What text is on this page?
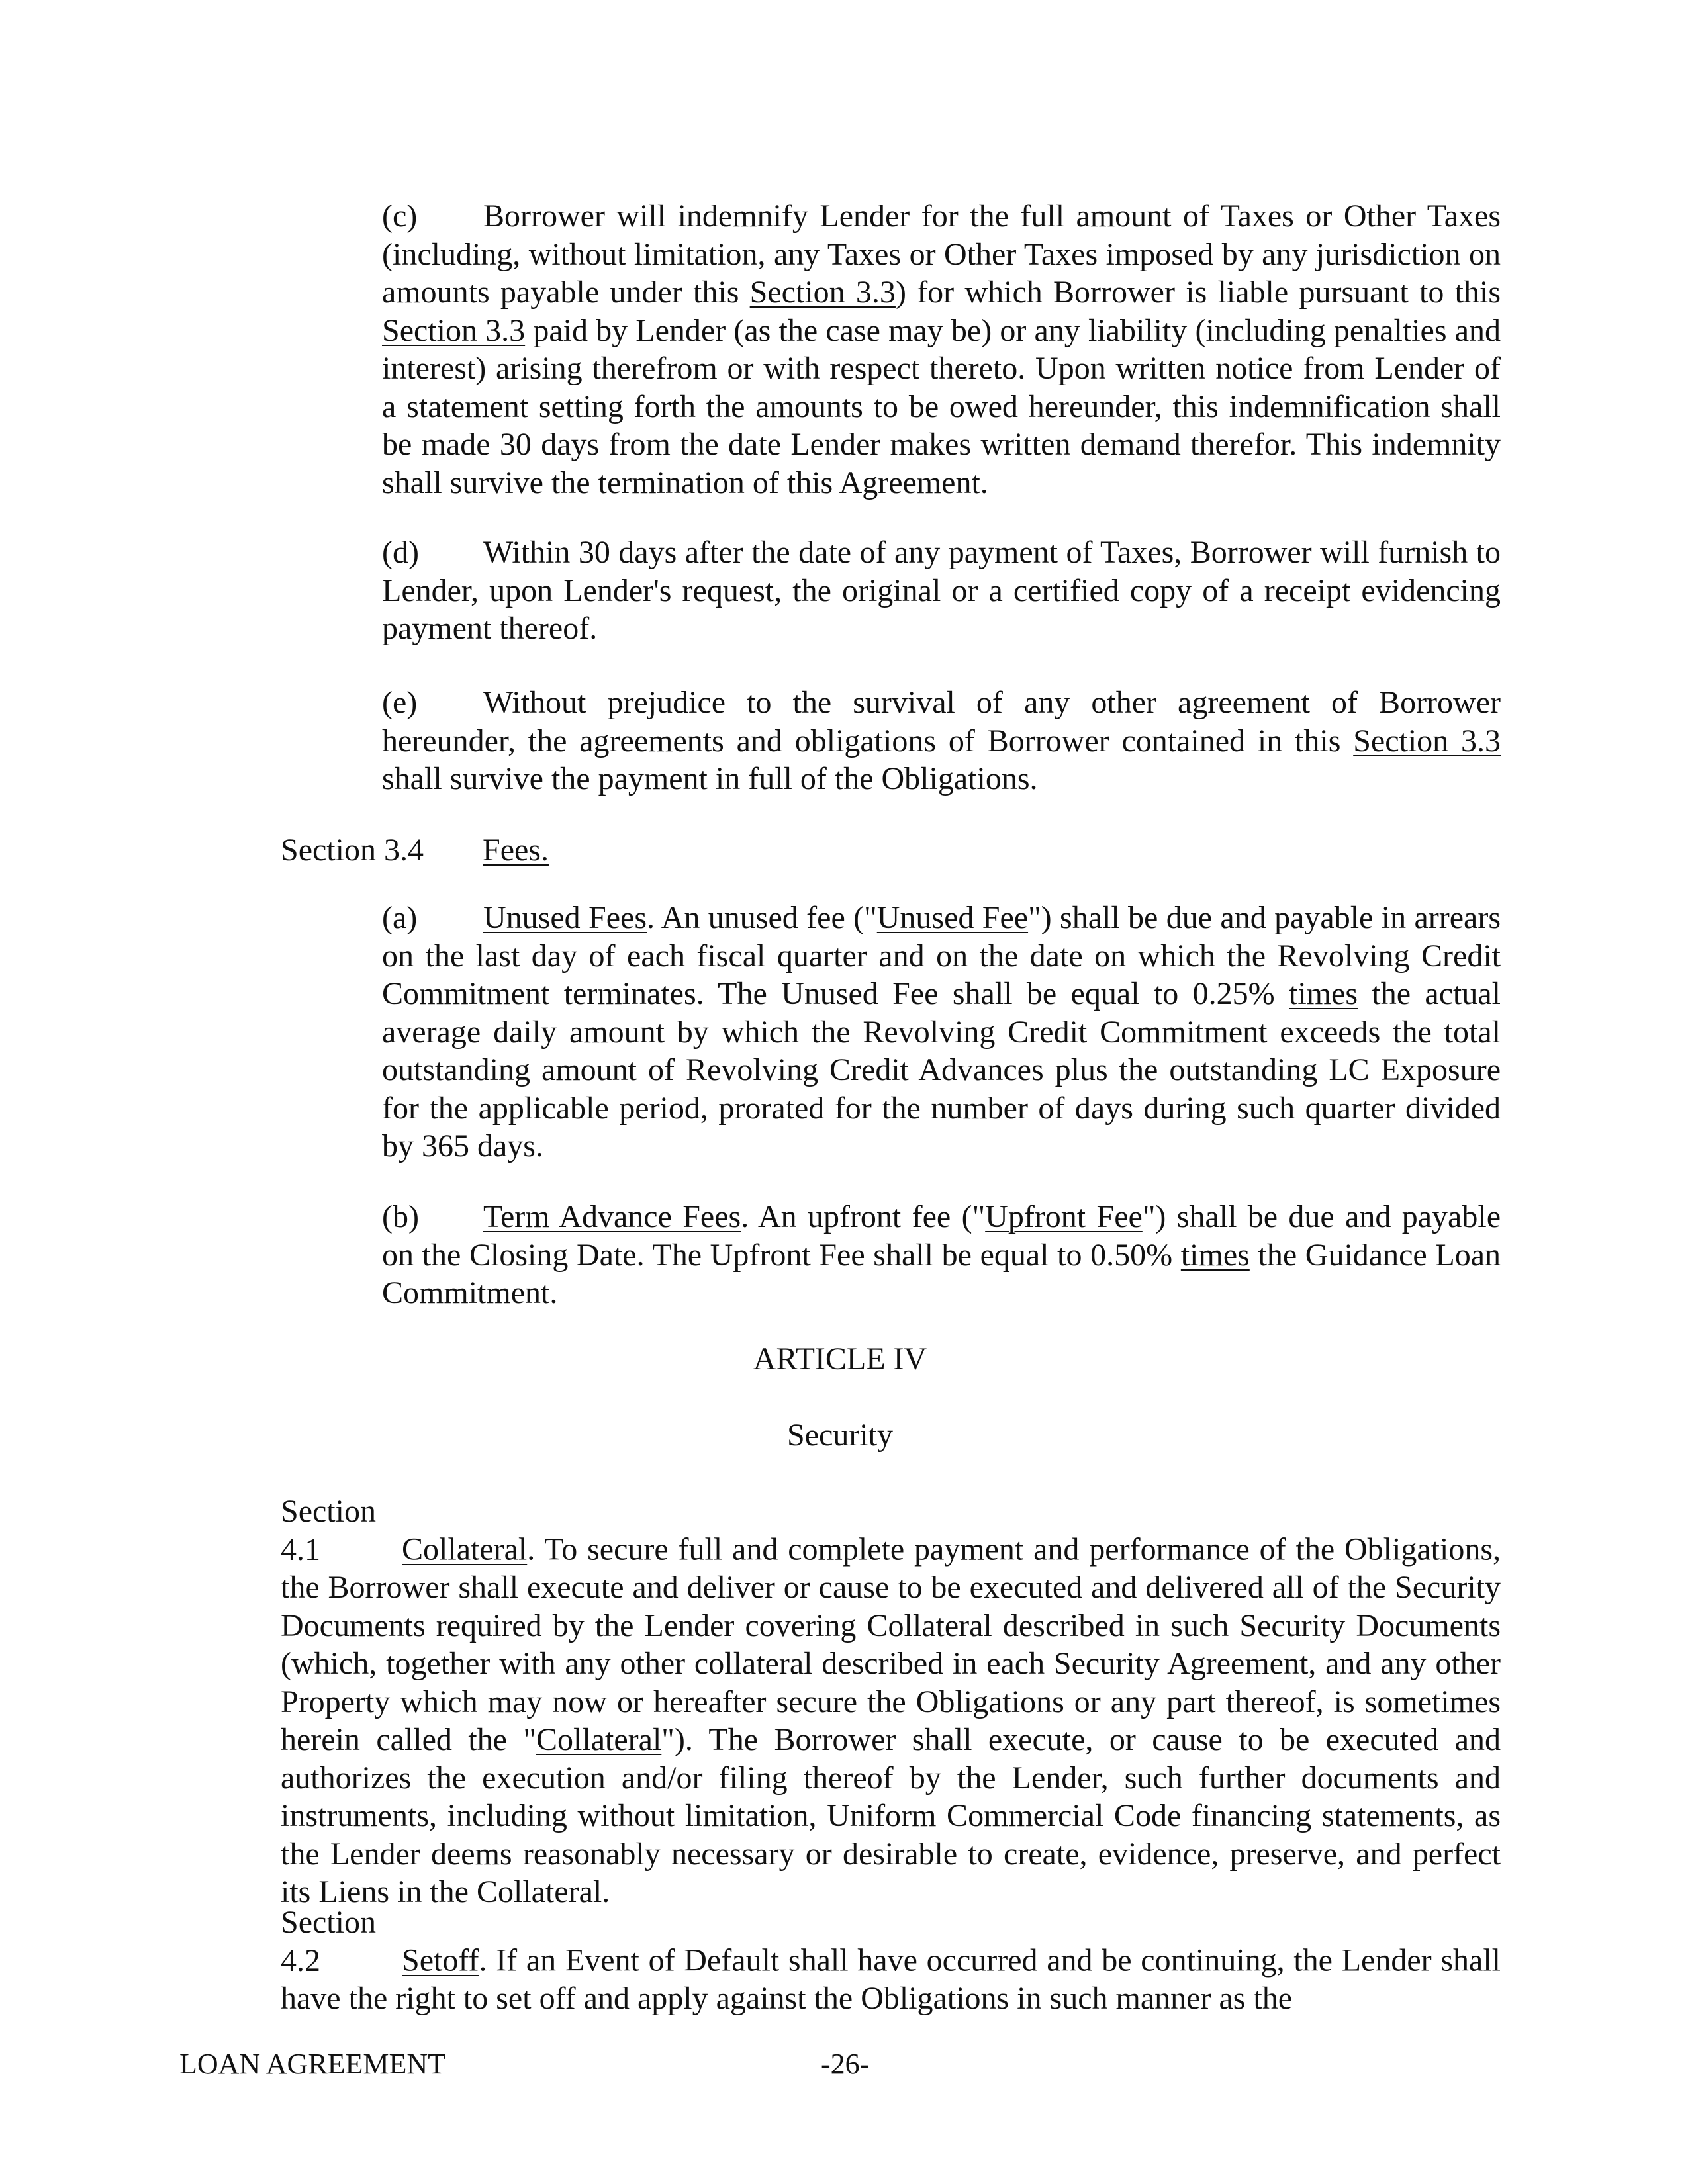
(c) Borrower will indemnify Lender for the full amount of Taxes or Other Taxes (including, without limitation, any Taxes or Other Taxes imposed by any jurisdiction on amounts payable under this Section 3.3) for which Borrower is liable pursuant to this Section 3.3 paid by Lender (as the case may be) or any liability (including penalties and interest) arising therefrom or with respect thereto. Upon written notice from Lender of a statement setting forth the amounts to be owed hereunder, this indemnification shall be made 30 days from the date Lender makes written demand therefor. This indemnity shall survive the termination of this Agreement.

(d) Within 30 days after the date of any payment of Taxes, Borrower will furnish to Lender, upon Lender's request, the original or a certified copy of a receipt evidencing payment thereof.

(e) Without prejudice to the survival of any other agreement of Borrower hereunder, the agreements and obligations of Borrower contained in this Section 3.3 shall survive the payment in full of the Obligations.

Section 3.4 Fees.

(a) Unused Fees. An unused fee ("Unused Fee") shall be due and payable in arrears on the last day of each fiscal quarter and on the date on which the Revolving Credit Commitment terminates. The Unused Fee shall be equal to 0.25% times the actual average daily amount by which the Revolving Credit Commitment exceeds the total outstanding amount of Revolving Credit Advances plus the outstanding LC Exposure for the applicable period, prorated for the number of days during such quarter divided by 365 days.

(b) Term Advance Fees. An upfront fee ("Upfront Fee") shall be due and payable on the Closing Date. The Upfront Fee shall be equal to 0.50% times the Guidance Loan Commitment.

ARTICLE IV
Security

Section 4.1	Collateral. To secure full and complete payment and performance of the Obligations, the Borrower shall execute and deliver or cause to be executed and delivered all of the Security Documents required by the Lender covering Collateral described in such Security Documents (which, together with any other collateral described in each Security Agreement, and any other Property which may now or hereafter secure the Obligations or any part thereof, is sometimes herein called the "Collateral"). The Borrower shall execute, or cause to be executed and authorizes the execution and/or filing thereof by the Lender, such further documents and instruments, including without limitation, Uniform Commercial Code financing statements, as the Lender deems reasonably necessary or desirable to create, evidence, preserve, and perfect its Liens in the Collateral.

Section 4.2	Setoff. If an Event of Default shall have occurred and be continuing, the Lender shall have the right to set off and apply against the Obligations in such manner as the

LOAN AGREEMENT	-26-
